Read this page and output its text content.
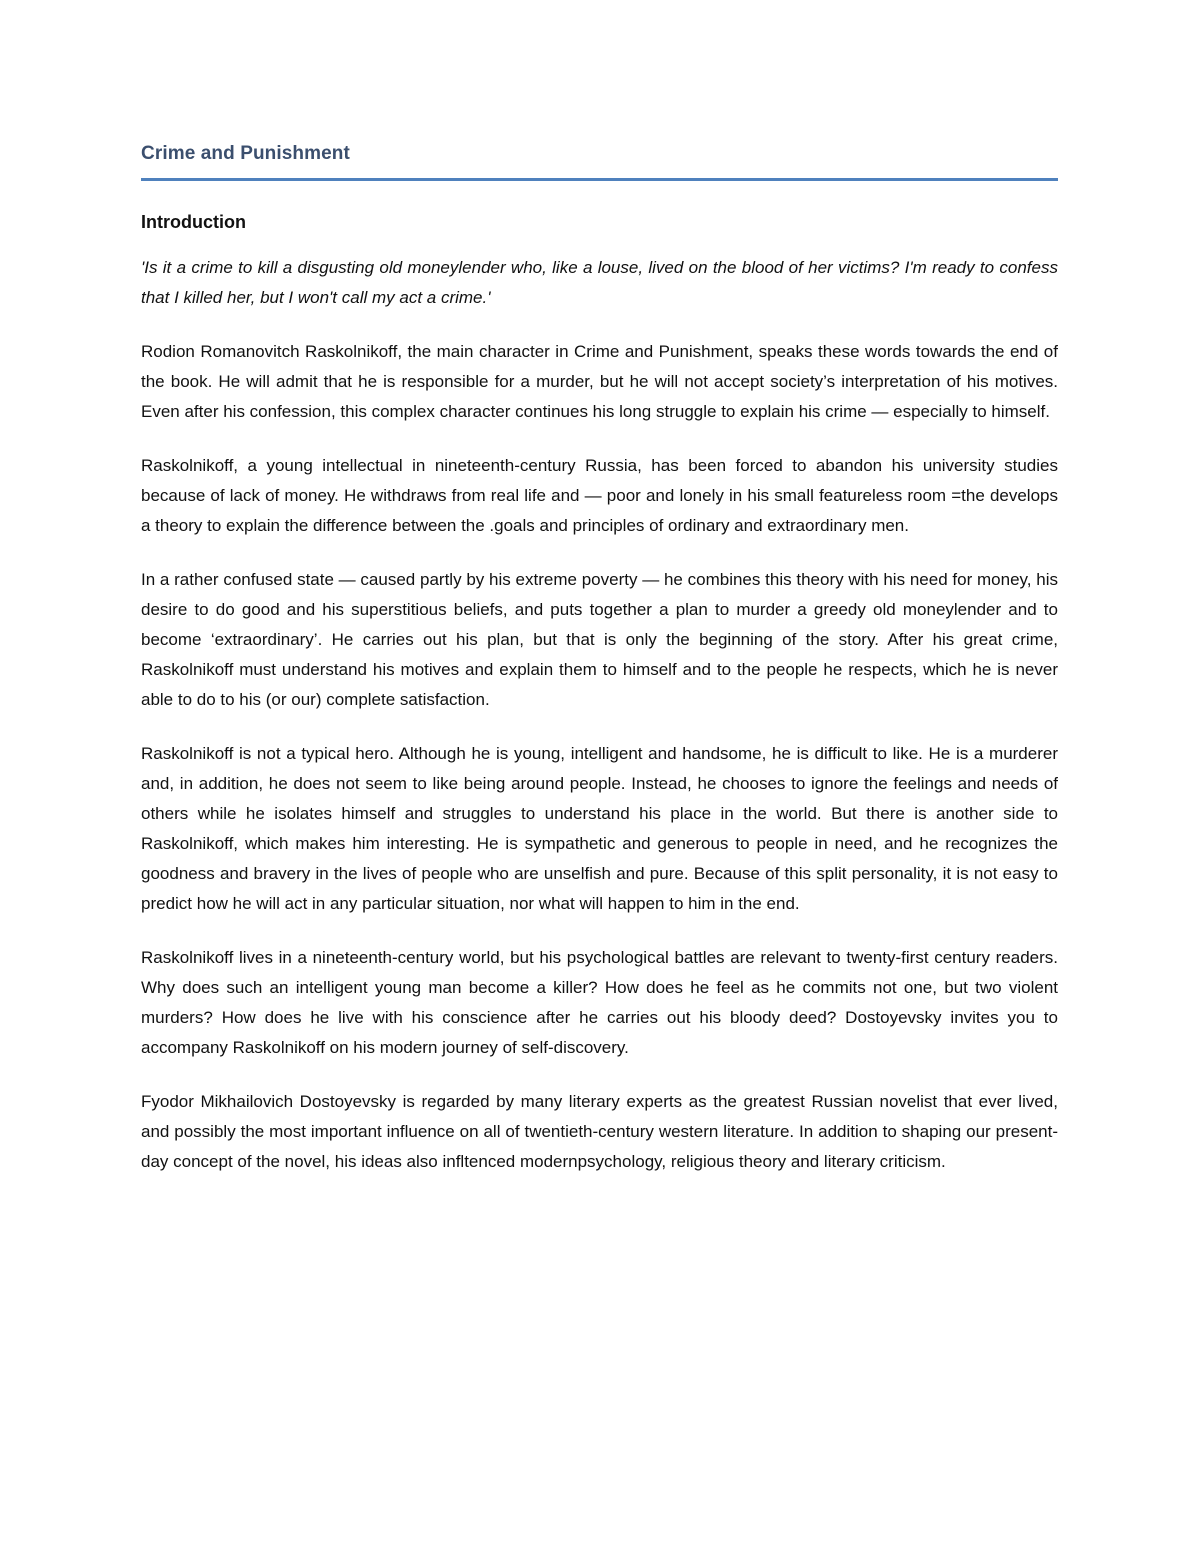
Crime and Punishment
Introduction

'Is it a crime to kill a disgusting old moneylender who, like a louse, lived on the blood of her victims? I'm ready to confess that I killed her, but I won't call my act a crime.'

Rodion Romanovitch Raskolnikoff, the main character in Crime and Punishment, speaks these words towards the end of the book. He will admit that he is responsible for a murder, but he will not accept society’s interpretation of his motives. Even after his confession, this complex character continues his long struggle to explain his crime — especially to himself.

Raskolnikoff, a young intellectual in nineteenth-century Russia, has been forced to abandon his university studies because of lack of money. He withdraws from real life and — poor and lonely in his small featureless room =the develops a theory to explain the difference between the .goals and principles of ordinary and extraordinary men.

In a rather confused state — caused partly by his extreme poverty — he combines this theory with his need for money, his desire to do good and his superstitious beliefs, and puts together a plan to murder a greedy old moneylender and to become ‘extraordinary’. He carries out his plan, but that is only the beginning of the story. After his great crime, Raskolnikoff must understand his motives and explain them to himself and to the people he respects, which he is never able to do to his (or our) complete satisfaction.

Raskolnikoff is not a typical hero. Although he is young, intelligent and handsome, he is difficult to like. He is a murderer and, in addition, he does not seem to like being around people. Instead, he chooses to ignore the feelings and needs of others while he isolates himself and struggles to understand his place in the world. But there is another side to Raskolnikoff, which makes him interesting. He is sympathetic and generous to people in need, and he recognizes the goodness and bravery in the lives of people who are unselfish and pure. Because of this split personality, it is not easy to predict how he will act in any particular situation, nor what will happen to him in the end.

Raskolnikoff lives in a nineteenth-century world, but his psychological battles are relevant to twenty-first century readers. Why does such an intelligent young man become a killer? How does he feel as he commits not one, but two violent murders? How does he live with his conscience after he carries out his bloody deed? Dostoyevsky invites you to accompany Raskolnikoff on his modern journey of self-discovery.

Fyodor Mikhailovich Dostoyevsky is regarded by many literary experts as the greatest Russian novelist that ever lived, and possibly the most important influence on all of twentieth-century western literature. In addition to shaping our present-day concept of the novel, his ideas also infltenced modernpsychology, religious theory and literary criticism.
